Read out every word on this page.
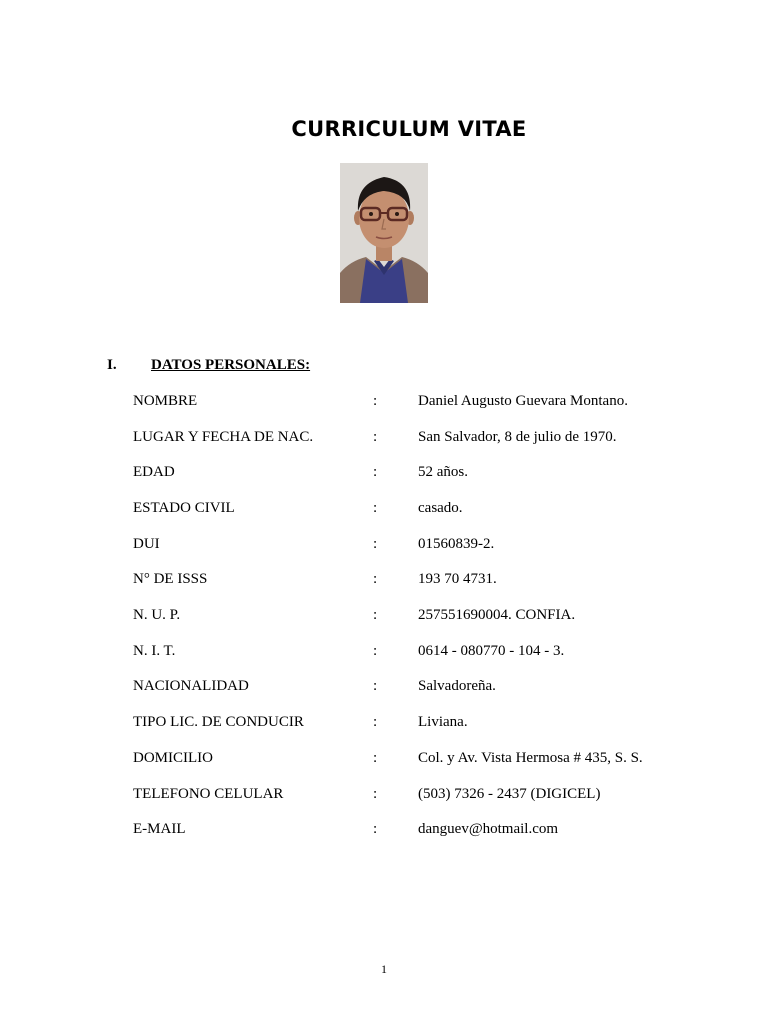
CURRICULUM VITAE
I. DATOS PERSONALES:
NOMBRE	:	Daniel Augusto Guevara Montano.
LUGAR Y FECHA DE NAC.	:	San Salvador, 8 de julio de 1970.
EDAD	:	52 años.
ESTADO CIVIL	:	casado.
DUI	:	01560839-2.
N° DE ISSS	:	193 70 4731.
N. U. P.	:	257551690004. CONFIA.
N. I. T.	:	0614 - 080770 - 104 - 3.
NACIONALIDAD	:	Salvadoreña.
TIPO LIC. DE CONDUCIR	:	Liviana.
DOMICILIO	:	Col. y Av. Vista Hermosa # 435, S. S.
TELEFONO CELULAR	:	(503) 7326 - 2437 (DIGICEL)
E-MAIL	:	danguev@hotmail.com
1
